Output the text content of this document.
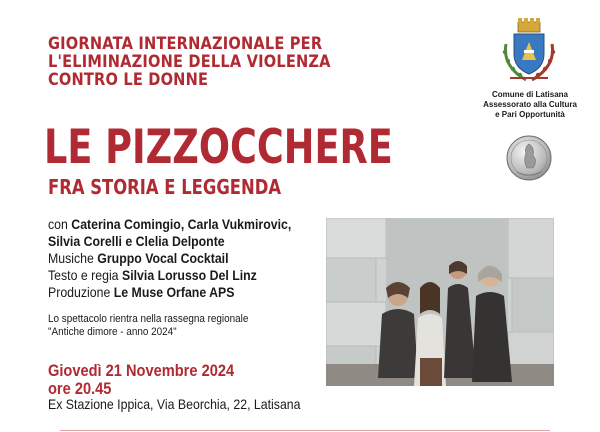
GIORNATA INTERNAZIONALE PER
L'ELIMINAZIONE DELLA VIOLENZA
CONTRO LE DONNE
LE PIZZOCCHERE
FRA STORIA E LEGGENDA
con Caterina Comingio, Carla Vukmirovic,
Silvia Corelli e Clelia Delponte
Musiche Gruppo Vocal Cocktail
Testo e regia Silvia Lorusso Del Linz
Produzione Le Muse Orfane APS
Lo spettacolo rientra nella rassegna regionale
"Antiche dimore - anno 2024"
Giovedì 21 Novembre 2024
ore 20.45
Ex Stazione Ippica, Via Beorchia, 22, Latisana
Comune di Latisana
Assessorato alla Cultura
e Pari Opportunità
